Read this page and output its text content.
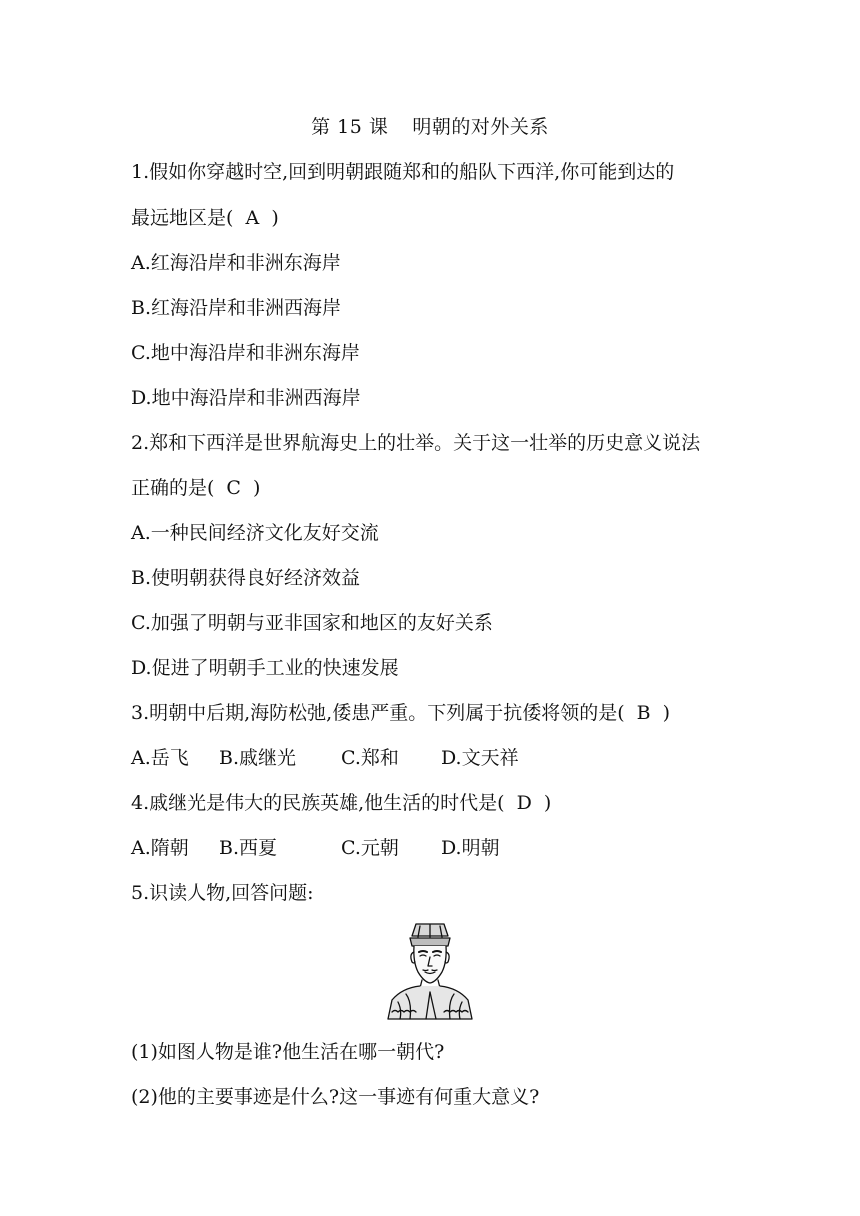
第 15 课 明朝的对外关系
1.假如你穿越时空,回到明朝跟随郑和的船队下西洋,你可能到达的
最远地区是( A )
A.红海沿岸和非洲东海岸
B.红海沿岸和非洲西海岸
C.地中海沿岸和非洲东海岸
D.地中海沿岸和非洲西海岸
2.郑和下西洋是世界航海史上的壮举。关于这一壮举的历史意义说法
正确的是( C )
A.一种民间经济文化友好交流
B.使明朝获得良好经济效益
C.加强了明朝与亚非国家和地区的友好关系
D.促进了明朝手工业的快速发展
3.明朝中后期,海防松弛,倭患严重。下列属于抗倭将领的是( B )
A.岳飞 B.戚继光 C.郑和 D.文天祥
4.戚继光是伟大的民族英雄,他生活的时代是( D )
A.隋朝 B.西夏	C.元朝 D.明朝
5.识读人物,回答问题:
(1)如图人物是谁?他生活在哪一朝代?
(2)他的主要事迹是什么?这一事迹有何重大意义?
